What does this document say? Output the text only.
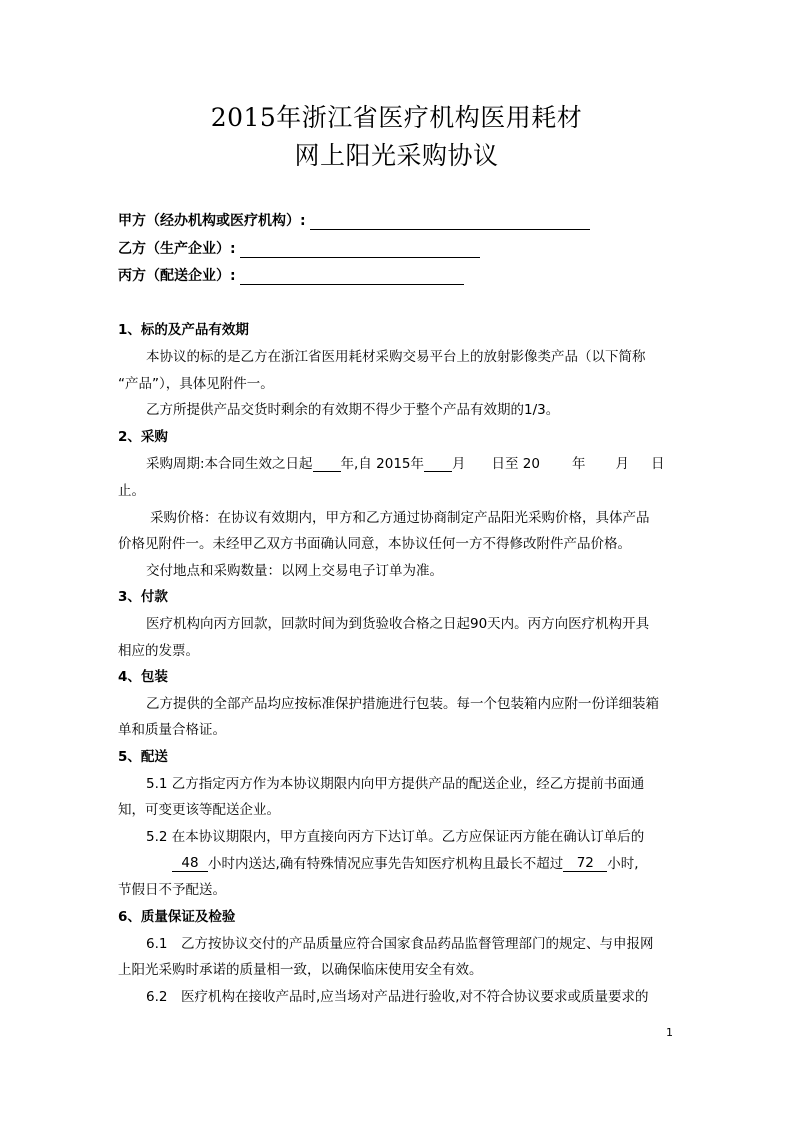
2015年浙江省医疗机构医用耗材
网上阳光采购协议
甲方（经办机构或医疗机构）:
乙方（生产企业）:
丙方（配送企业）:
1、标的及产品有效期
本协议的标的是乙方在浙江省医用耗材采购交易平台上的放射影像类产品（以下简称
“产品”），具体见附件一。
乙方所提供产品交货时剩余的有效期不得少于整个产品有效期的1/3。
2、采购
采购周期:本合同生效之日起 年,自 2015年 月 日至 20 年 月 日
止。
采购价格：在协议有效期内，甲方和乙方通过协商制定产品阳光采购价格，具体产品
价格见附件一。未经甲乙双方书面确认同意，本协议任何一方不得修改附件产品价格。
交付地点和采购数量：以网上交易电子订单为准。
3、付款
医疗机构向丙方回款，回款时间为到货验收合格之日起90天内。丙方向医疗机构开具
相应的发票。
4、包装
乙方提供的全部产品均应按标准保护措施进行包装。每一个包装箱内应附一份详细装箱
单和质量合格证。
5、配送
5.1 乙方指定丙方作为本协议期限内向甲方提供产品的配送企业，经乙方提前书面通
知，可变更该等配送企业。
5.2 在本协议期限内，甲方直接向丙方下达订单。乙方应保证丙方能在确认订单后的
48 小时内送达,确有特殊情况应事先告知医疗机构且最长不超过 72 小时,
节假日不予配送。
6、质量保证及检验
6.1　乙方按协议交付的产品质量应符合国家食品药品监督管理部门的规定、与申报网
上阳光采购时承诺的质量相一致，以确保临床使用安全有效。
6.2　医疗机构在接收产品时,应当场对产品进行验收,对不符合协议要求或质量要求的
1
